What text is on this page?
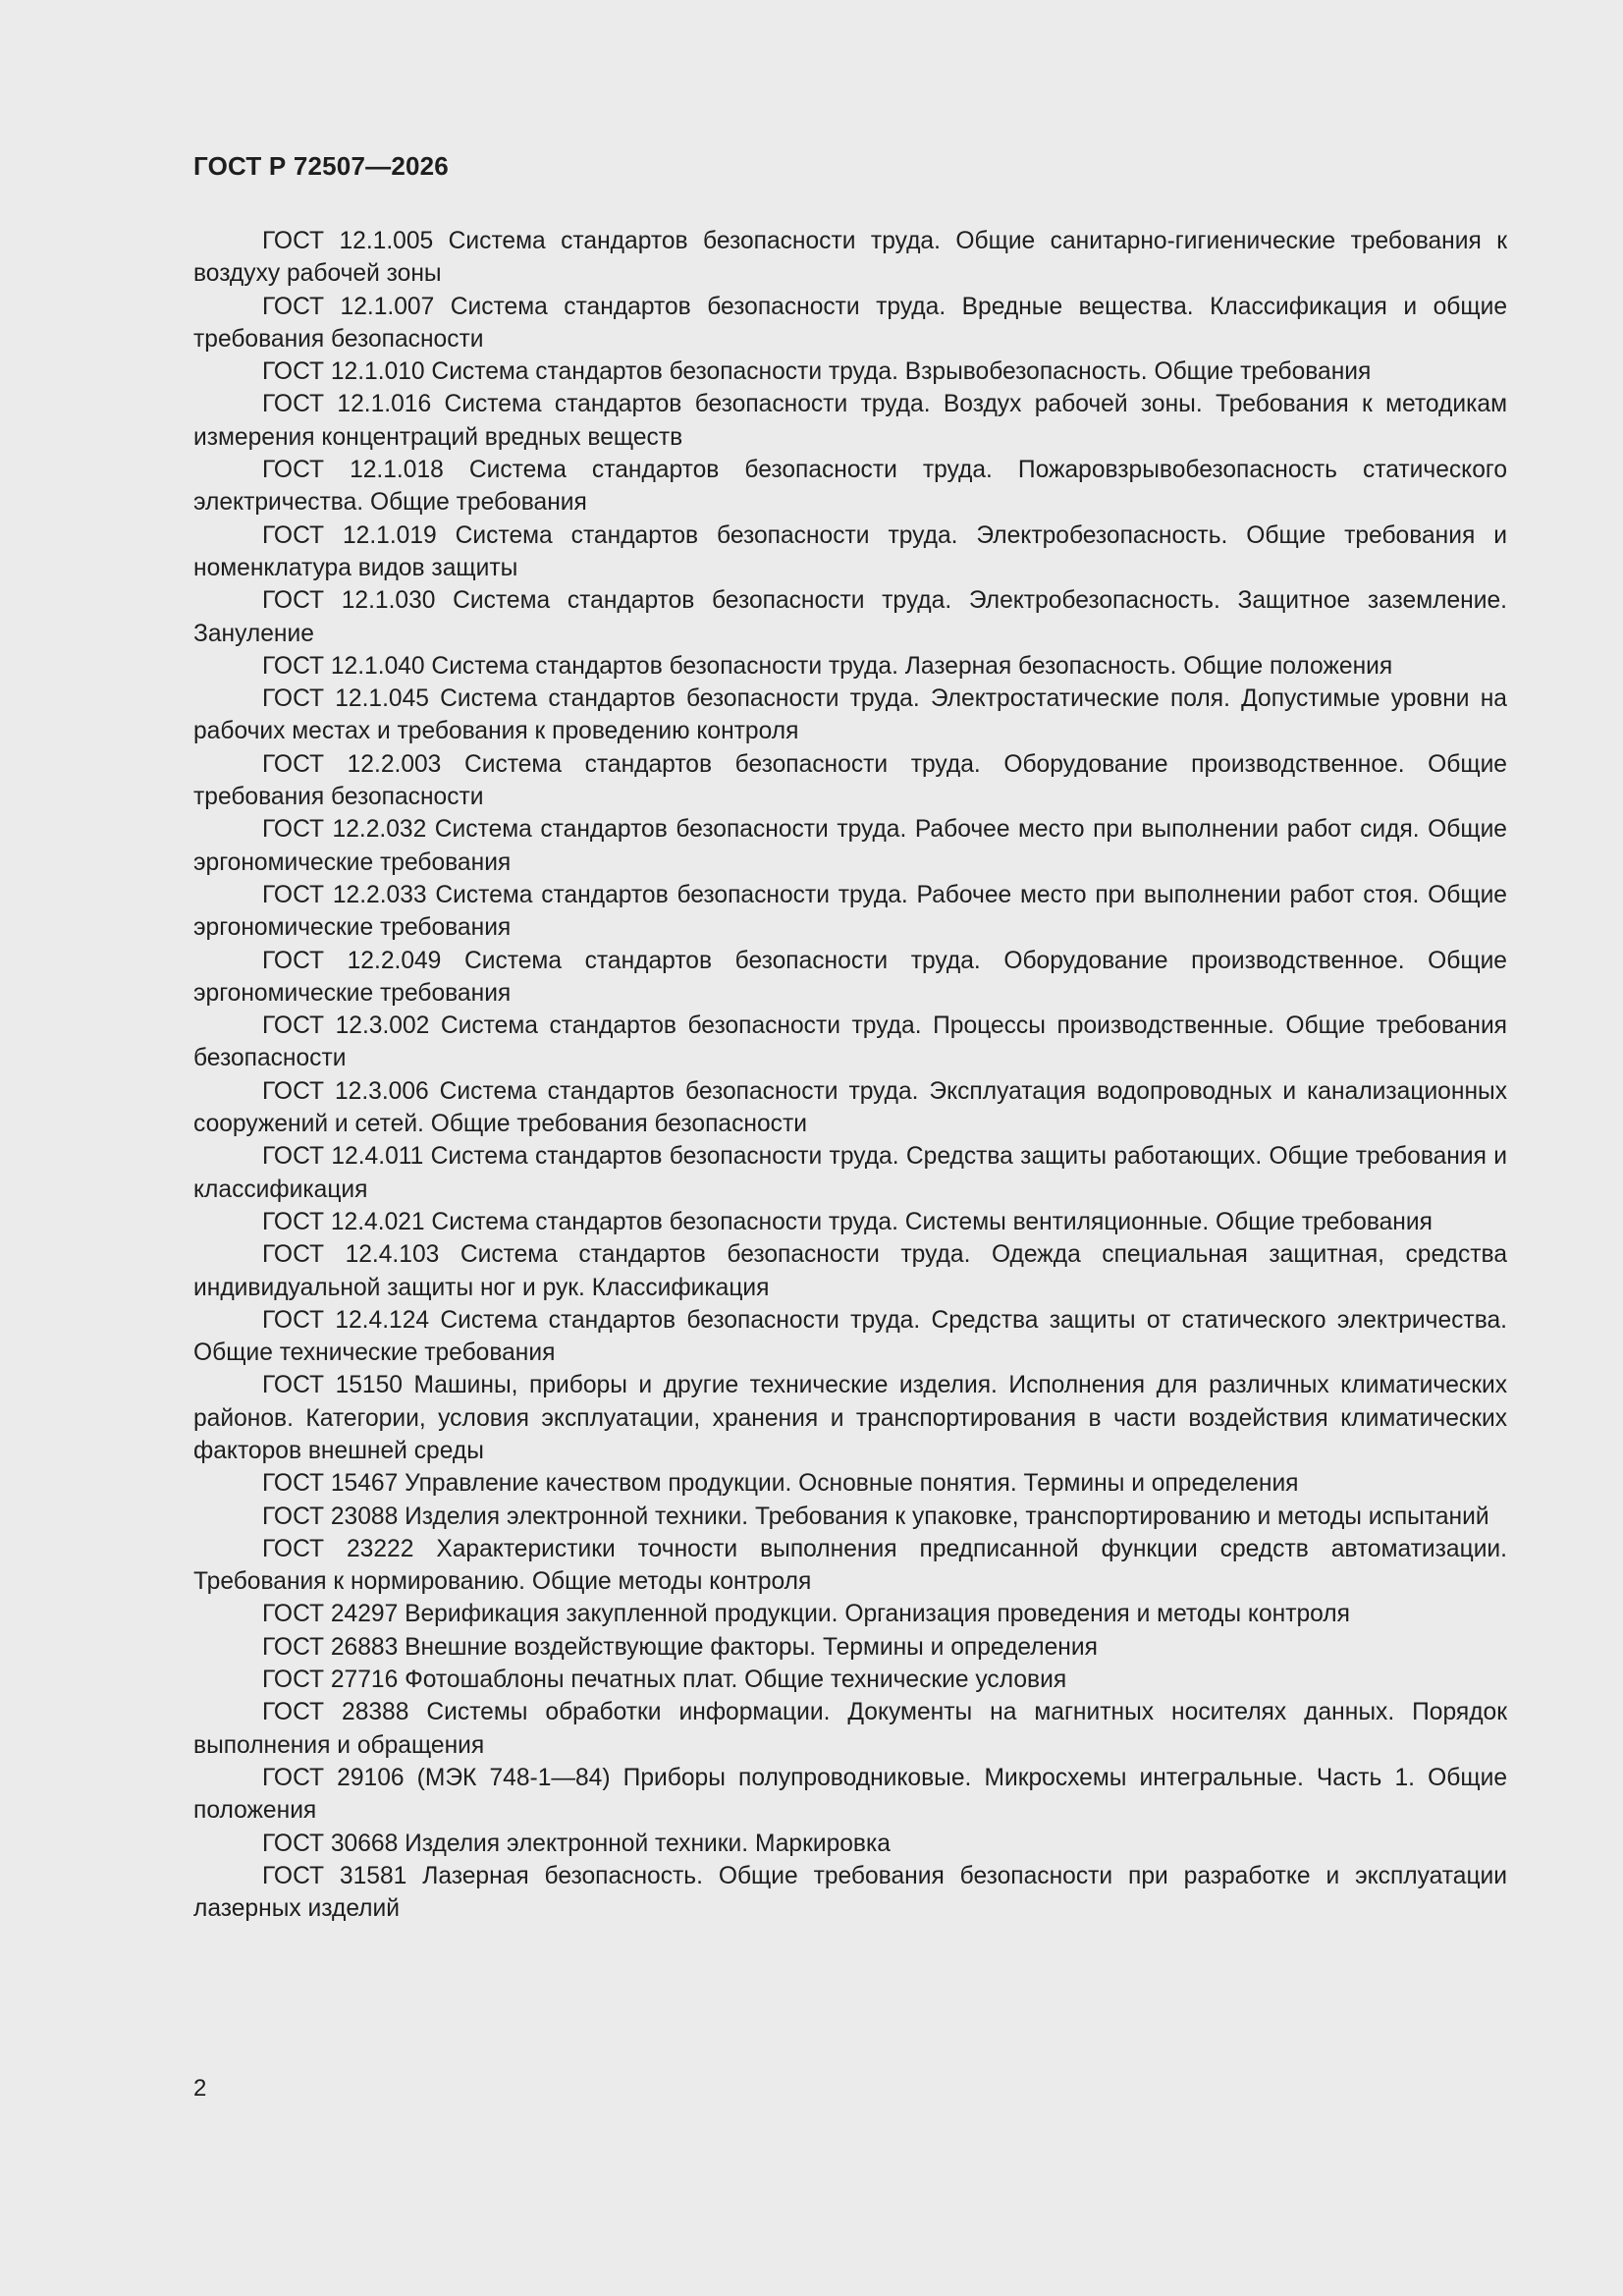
ГОСТ Р 72507—2026
ГОСТ 12.1.005 Система стандартов безопасности труда. Общие санитарно-гигиенические требования к воздуху рабочей зоны
ГОСТ 12.1.007 Система стандартов безопасности труда. Вредные вещества. Классификация и общие требования безопасности
ГОСТ 12.1.010 Система стандартов безопасности труда. Взрывобезопасность. Общие требования
ГОСТ 12.1.016 Система стандартов безопасности труда. Воздух рабочей зоны. Требования к методикам измерения концентраций вредных веществ
ГОСТ 12.1.018 Система стандартов безопасности труда. Пожаровзрывобезопасность статического электричества. Общие требования
ГОСТ 12.1.019 Система стандартов безопасности труда. Электробезопасность. Общие требования и номенклатура видов защиты
ГОСТ 12.1.030 Система стандартов безопасности труда. Электробезопасность. Защитное заземление. Зануление
ГОСТ 12.1.040 Система стандартов безопасности труда. Лазерная безопасность. Общие положения
ГОСТ 12.1.045 Система стандартов безопасности труда. Электростатические поля. Допустимые уровни на рабочих местах и требования к проведению контроля
ГОСТ 12.2.003 Система стандартов безопасности труда. Оборудование производственное. Общие требования безопасности
ГОСТ 12.2.032 Система стандартов безопасности труда. Рабочее место при выполнении работ сидя. Общие эргономические требования
ГОСТ 12.2.033 Система стандартов безопасности труда. Рабочее место при выполнении работ стоя. Общие эргономические требования
ГОСТ 12.2.049 Система стандартов безопасности труда. Оборудование производственное. Общие эргономические требования
ГОСТ 12.3.002 Система стандартов безопасности труда. Процессы производственные. Общие требования безопасности
ГОСТ 12.3.006 Система стандартов безопасности труда. Эксплуатация водопроводных и канализационных сооружений и сетей. Общие требования безопасности
ГОСТ 12.4.011 Система стандартов безопасности труда. Средства защиты работающих. Общие требования и классификация
ГОСТ 12.4.021 Система стандартов безопасности труда. Системы вентиляционные. Общие требования
ГОСТ 12.4.103 Система стандартов безопасности труда. Одежда специальная защитная, средства индивидуальной защиты ног и рук. Классификация
ГОСТ 12.4.124 Система стандартов безопасности труда. Средства защиты от статического электричества. Общие технические требования
ГОСТ 15150 Машины, приборы и другие технические изделия. Исполнения для различных климатических районов. Категории, условия эксплуатации, хранения и транспортирования в части воздействия климатических факторов внешней среды
ГОСТ 15467 Управление качеством продукции. Основные понятия. Термины и определения
ГОСТ 23088 Изделия электронной техники. Требования к упаковке, транспортированию и методы испытаний
ГОСТ 23222 Характеристики точности выполнения предписанной функции средств автоматизации. Требования к нормированию. Общие методы контроля
ГОСТ 24297 Верификация закупленной продукции. Организация проведения и методы контроля
ГОСТ 26883 Внешние воздействующие факторы. Термины и определения
ГОСТ 27716 Фотошаблоны печатных плат. Общие технические условия
ГОСТ 28388 Системы обработки информации. Документы на магнитных носителях данных. Порядок выполнения и обращения
ГОСТ 29106 (МЭК 748-1—84) Приборы полупроводниковые. Микросхемы интегральные. Часть 1. Общие положения
ГОСТ 30668 Изделия электронной техники. Маркировка
ГОСТ 31581 Лазерная безопасность. Общие требования безопасности при разработке и эксплуатации лазерных изделий
2
